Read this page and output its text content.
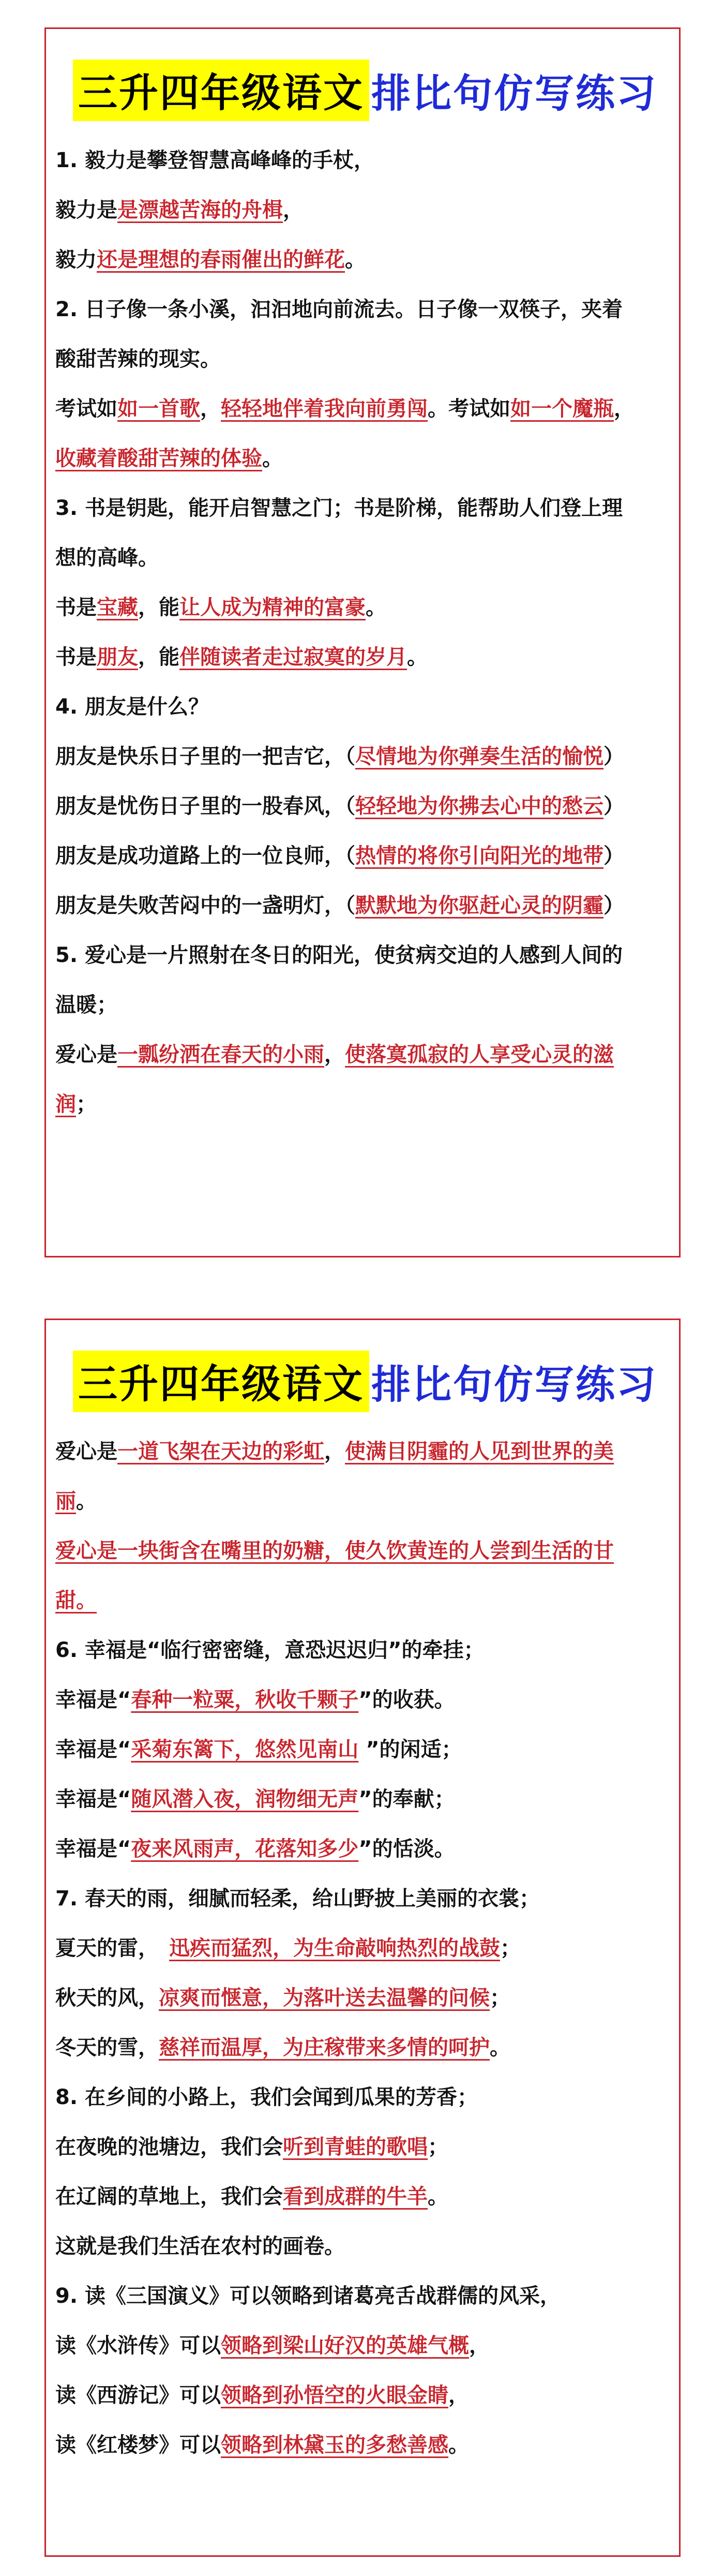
三升四年级语文 排比句仿写练习
1. 毅力是攀登智慧高峰峰的手杖，
毅力是是漂越苦海的舟楫，
毅力还是理想的春雨催出的鲜花。
2. 日子像一条小溪，汩汩地向前流去。日子像一双筷子，夹着
酸甜苦辣的现实。
考试如如一首歌，轻轻地伴着我向前勇闯。考试如如一个魔瓶，
收藏着酸甜苦辣的体验。
3. 书是钥匙，能开启智慧之门；书是阶梯，能帮助人们登上理
想的高峰。
书是宝藏，能让人成为精神的富豪。
书是朋友，能伴随读者走过寂寞的岁月。
4. 朋友是什么？
朋友是快乐日子里的一把吉它，（尽情地为你弹奏生活的愉悦）
朋友是忧伤日子里的一股春风，（轻轻地为你拂去心中的愁云）
朋友是成功道路上的一位良师，（热情的将你引向阳光的地带）
朋友是失败苦闷中的一盏明灯，（默默地为你驱赶心灵的阴霾）
5. 爱心是一片照射在冬日的阳光，使贫病交迫的人感到人间的
温暖；
爱心是一瓢纷洒在春天的小雨，使落寞孤寂的人享受心灵的滋
润；
三升四年级语文 排比句仿写练习
爱心是一道飞架在天边的彩虹，使满目阴霾的人见到世界的美
丽。
爱心是一块街含在嘴里的奶糖，使久饮黄连的人尝到生活的甘
甜。
6. 幸福是“临行密密缝，意恐迟迟归”的牵挂；
幸福是“春种一粒粟，秋收千颗子”的收获。
幸福是“采菊东篱下，悠然见南山 ”的闲适；
幸福是“随风潜入夜，润物细无声”的奉献；
幸福是“夜来风雨声，花落知多少”的恬淡。
7. 春天的雨，细腻而轻柔，给山野披上美丽的衣裳；
夏天的雷，　迅疾而猛烈，为生命敲响热烈的战鼓；
秋天的风，凉爽而惬意，为落叶送去温馨的问候；
冬天的雪，慈祥而温厚，为庄稼带来多情的呵护。
8. 在乡间的小路上，我们会闻到瓜果的芳香；
在夜晚的池塘边，我们会听到青蛙的歌唱；
在辽阔的草地上，我们会看到成群的牛羊。
这就是我们生活在农村的画卷。
9. 读《三国演义》可以领略到诸葛亮舌战群儒的风采，
读《水浒传》可以领略到梁山好汉的英雄气概，
读《西游记》可以领略到孙悟空的火眼金睛，
读《红楼梦》可以领略到林黛玉的多愁善感。
